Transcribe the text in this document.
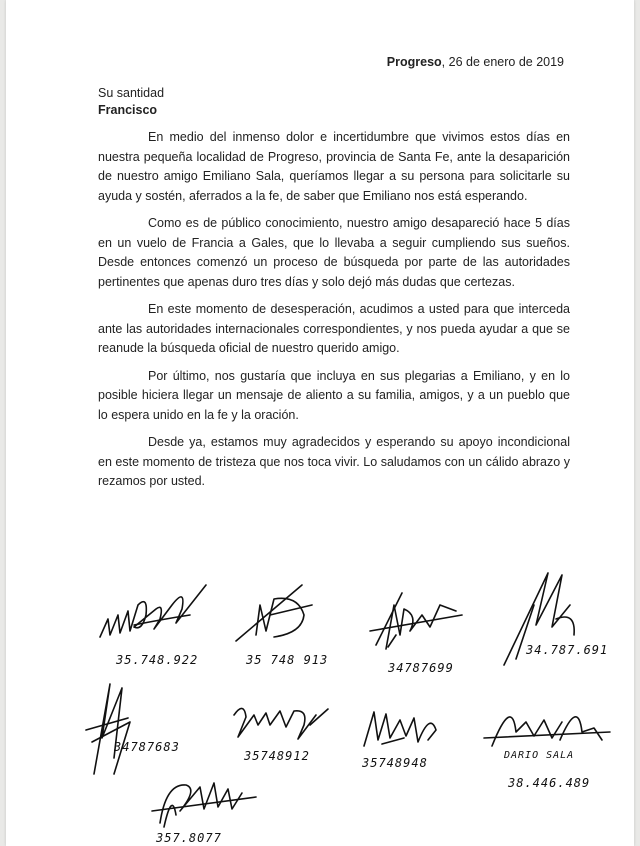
Progreso, 26 de enero de 2019
Su santidad
Francisco

En medio del inmenso dolor e incertidumbre que vivimos estos días en nuestra pequeña localidad de Progreso, provincia de Santa Fe, ante la desaparición de nuestro amigo Emiliano Sala, queríamos llegar a su persona para solicitarle su ayuda y sostén, aferrados a la fe, de saber que Emiliano nos está esperando.

Como es de público conocimiento, nuestro amigo desapareció hace 5 días en un vuelo de Francia a Gales, que lo llevaba a seguir cumpliendo sus sueños. Desde entonces comenzó un proceso de búsqueda por parte de las autoridades pertinentes que apenas duro tres días y solo dejó más dudas que certezas.

En este momento de desesperación, acudimos a usted para que interceda ante las autoridades internacionales correspondientes, y nos pueda ayudar a que se reanude la búsqueda oficial de nuestro querido amigo.

Por último, nos gustaría que incluya en sus plegarias a Emiliano, y en lo posible hiciera llegar un mensaje de aliento a su familia, amigos, y a un pueblo que lo espera unido en la fe y la oración.

Desde ya, estamos muy agradecidos y esperando su apoyo incondicional en este momento de tristeza que nos toca vivir. Lo saludamos con un cálido abrazo y rezamos por usted.

35.748.922	35 748 913
34787699
34.787.691
34787683
35748912	35748948
DARIO SALA
38.446.489
357.8077
